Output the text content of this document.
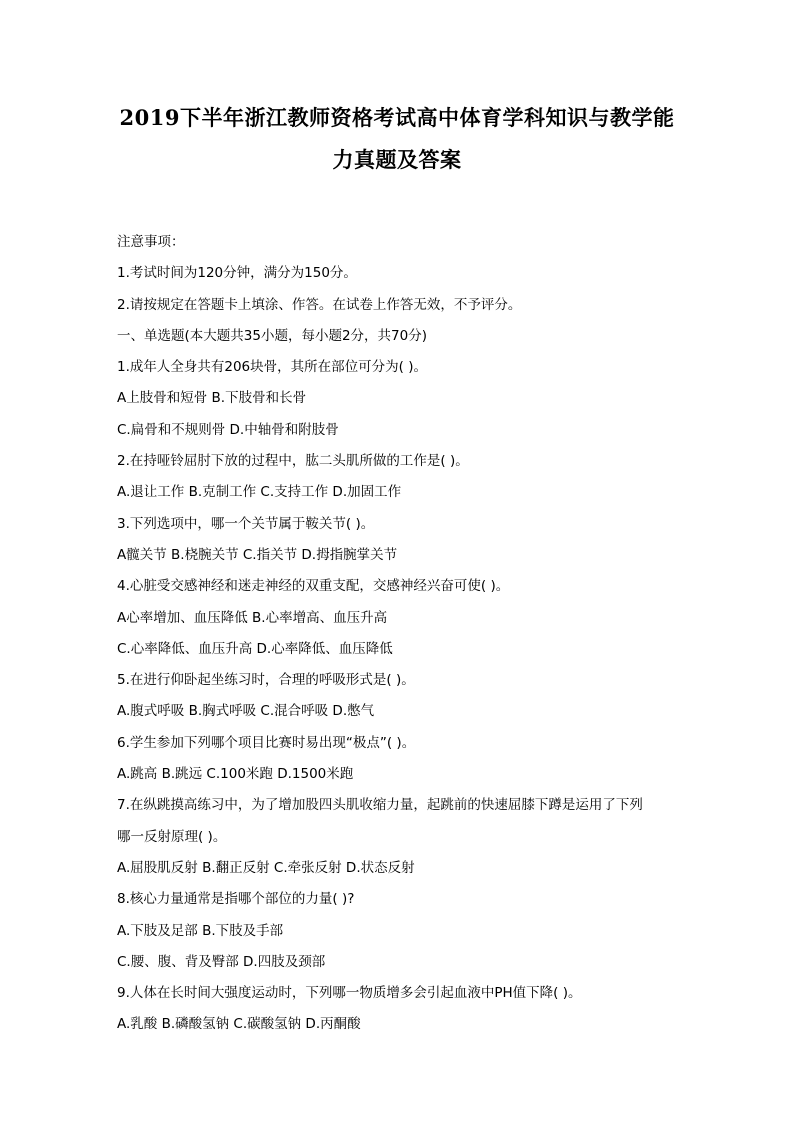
2019下半年浙江教师资格考试高中体育学科知识与教学能
力真题及答案
注意事项：
1.考试时间为120分钟，满分为150分。
2.请按规定在答题卡上填涂、作答。在试卷上作答无效，不予评分。
一、单选题(本大题共35小题，每小题2分，共70分)
1.成年人全身共有206块骨，其所在部位可分为( )。
A上肢骨和短骨 B.下肢骨和长骨
C.扁骨和不规则骨 D.中轴骨和附肢骨
2.在持哑铃屈肘下放的过程中，肱二头肌所做的工作是( )。
A.退让工作 B.克制工作 C.支持工作 D.加固工作
3.下列选项中，哪一个关节属于鞍关节( )。
A髋关节 B.桡腕关节 C.指关节 D.拇指腕掌关节
4.心脏受交感神经和迷走神经的双重支配，交感神经兴奋可使( )。
A心率增加、血压降低 B.心率增高、血压升高
C.心率降低、血压升高 D.心率降低、血压降低
5.在进行仰卧起坐练习时，合理的呼吸形式是( )。
A.腹式呼吸 B.胸式呼吸 C.混合呼吸 D.憋气
6.学生参加下列哪个项目比赛时易出现“极点”( )。
A.跳高 B.跳远 C.100米跑 D.1500米跑
7.在纵跳摸高练习中，为了增加股四头肌收缩力量，起跳前的快速屈膝下蹲是运用了下列
哪一反射原理( )。
A.屈股肌反射 B.翻正反射 C.牵张反射 D.状态反射
8.核心力量通常是指哪个部位的力量( )?
A.下肢及足部 B.下肢及手部
C.腰、腹、背及臀部 D.四肢及颈部
9.人体在长时间大强度运动时，下列哪一物质增多会引起血液中PH值下降( )。
A.乳酸 B.磷酸氢钠 C.碳酸氢钠 D.丙酮酸
